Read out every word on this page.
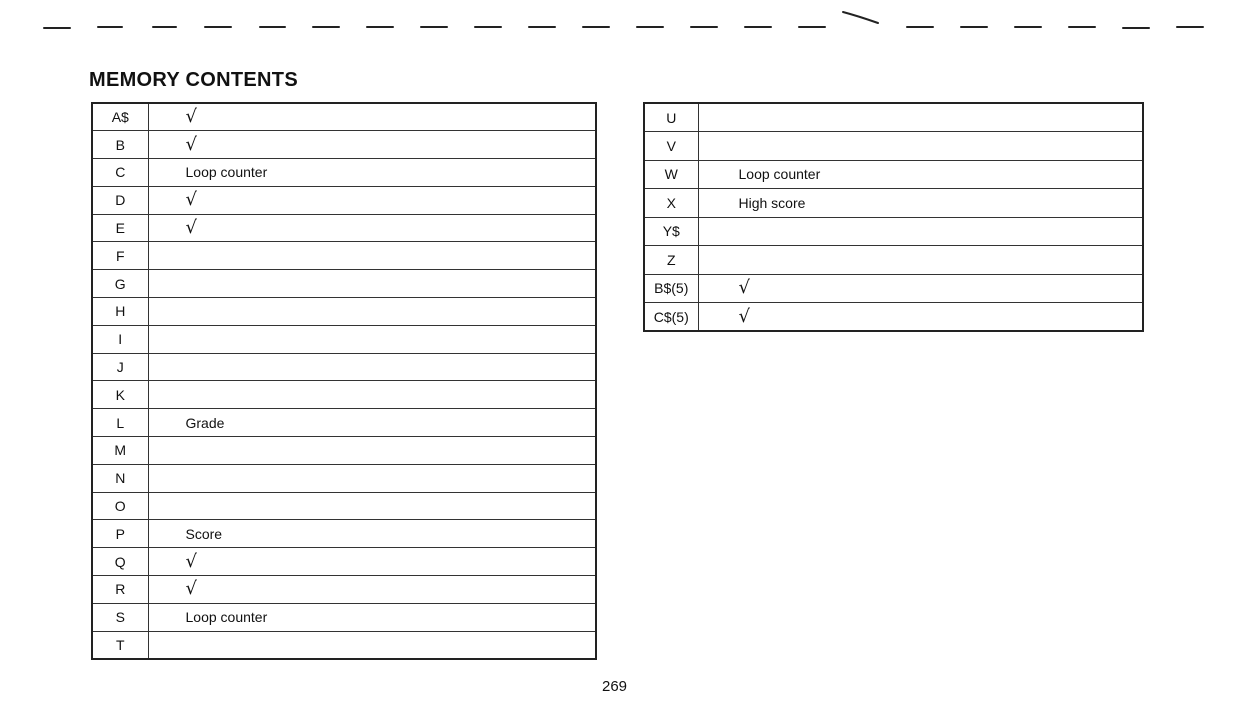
MEMORY CONTENTS
A$	√
B	√
C	Loop counter
D	√
E	√
F	
G	
H	
I	
J	
K	
L	Grade
M	
N	
O	
P	Score
Q	√
R	√
S	Loop counter
T	
U	
V	
W	Loop counter
X	High score
Y$	
Z	
B$(5)	√
C$(5)	√
269
